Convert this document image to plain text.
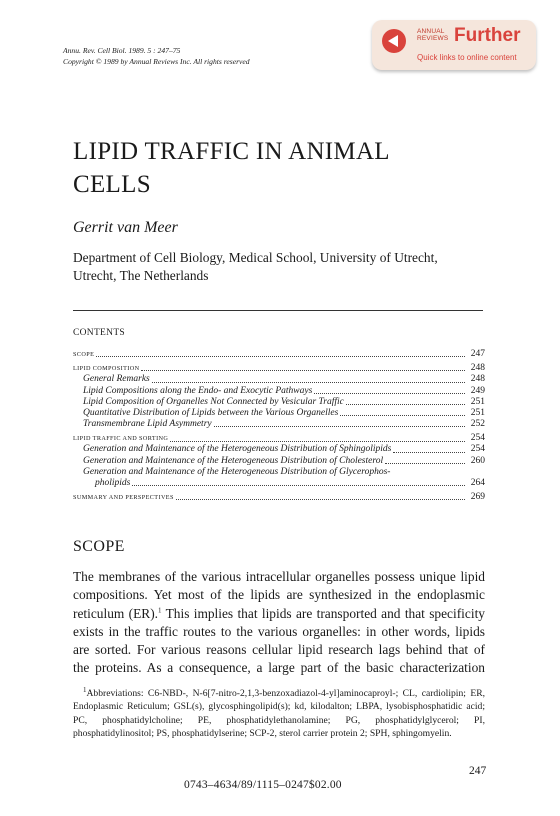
Annu. Rev. Cell Biol. 1989. 5 : 247–75
Copyright © 1989 by Annual Reviews Inc. All rights reserved
ANNUAL
REVIEWS Further
Quick links to online content
LIPID TRAFFIC IN ANIMAL
CELLS
Gerrit van Meer
Department of Cell Biology, Medical School, University of Utrecht,
Utrecht, The Netherlands
CONTENTS
SCOPE	247
LIPID COMPOSITION	248
General Remarks	248
Lipid Compositions along the Endo- and Exocytic Pathways	249
Lipid Composition of Organelles Not Connected by Vesicular Traffic	251
Quantitative Distribution of Lipids between the Various Organelles	251
Transmembrane Lipid Asymmetry	252
LIPID TRAFFIC AND SORTING	254
Generation and Maintenance of the Heterogeneous Distribution of Sphingolipids	254
Generation and Maintenance of the Heterogeneous Distribution of Cholesterol	260
Generation and Maintenance of the Heterogeneous Distribution of Glycerophos-
pholipids	264
SUMMARY AND PERSPECTIVES	269
SCOPE
The membranes of the various intracellular organelles possess unique lipid
compositions. Yet most of the lipids are synthesized in the endoplasmic
reticulum (ER).$^1$ This implies that lipids are transported and that specificity
exists in the traffic routes to the various organelles: in other words, lipids
are sorted. For various reasons cellular lipid research lags behind that of
the proteins. As a consequence, a large part of the basic characterization
$^1$Abbreviations: C6-NBD-, N-6[7-nitro-2,1,3-benzoxadiazol-4-yl]aminocaproyl-; CL, cardiolipin; ER, Endoplasmic Reticulum; GSL(s), glycosphingolipid(s); kd, kilodalton; LBPA, lysobisphosphatidic acid; PC, phosphatidylcholine; PE, phosphatidylethanolamine; PG, phosphatidylglycerol; PI, phosphatidylinositol; PS, phosphatidylserine; SCP-2, sterol carrier protein 2; SPH, sphingomyelin.
247
0743–4634/89/1115–0247$02.00
